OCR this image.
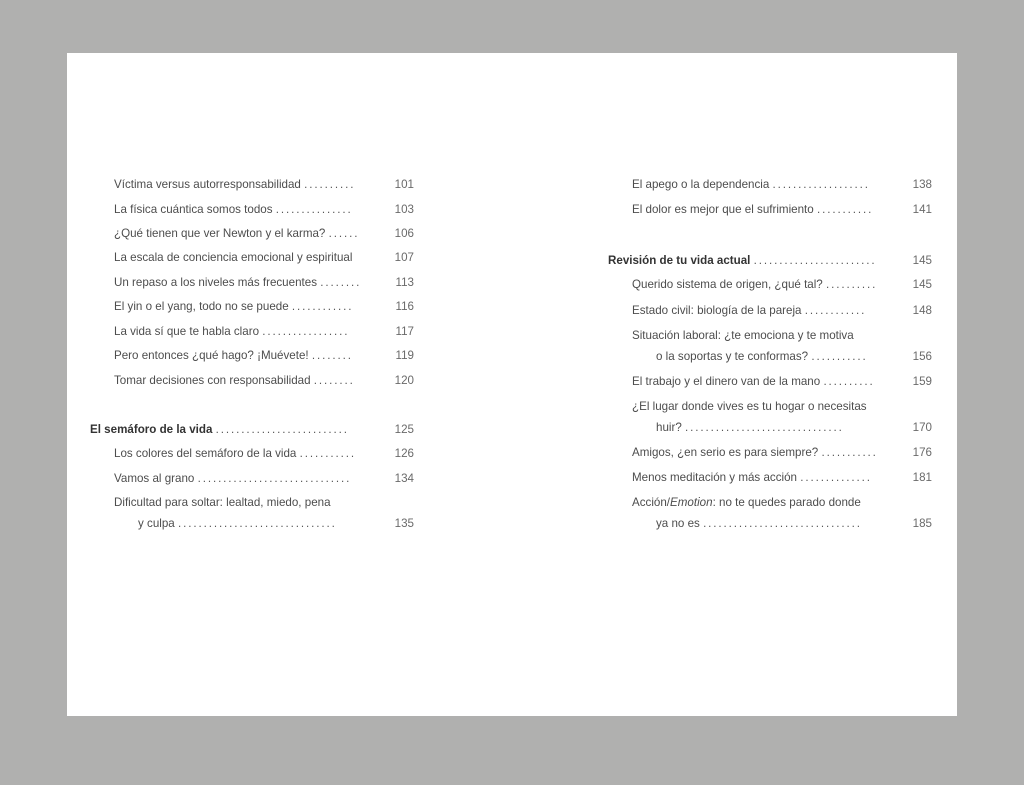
Víctima versus autorresponsabilidad ..........	101
La física cuántica somos todos ...............	103
¿Qué tienen que ver Newton y el karma? ......	106
La escala de conciencia emocional y espiritual	107
Un repaso a los niveles más frecuentes ........	113
El yin o el yang, todo no se puede ............	116
La vida sí que te habla claro .................	117
Pero entonces ¿qué hago? ¡Muévete! ........	119
Tomar decisiones con responsabilidad ........	120
El semáforo de la vida ..........................	125
Los colores del semáforo de la vida ...........	126
Vamos al grano ..............................	134
Dificultad para soltar: lealtad, miedo, pena
y culpa ...............................	135
El apego o la dependencia ...................	138
El dolor es mejor que el sufrimiento ...........	141
Revisión de tu vida actual ........................	145
Querido sistema de origen, ¿qué tal? ..........	145
Estado civil: biología de la pareja ............	148
Situación laboral: ¿te emociona y te motiva
o la soportas y te conformas? ...........	156
El trabajo y el dinero van de la mano ..........	159
¿El lugar donde vives es tu hogar o necesitas
huir? ...............................	170
Amigos, ¿en serio es para siempre? ...........	176
Menos meditación y más acción ..............	181
Acción/Emotion: no te quedes parado donde
ya no es ...............................	185
